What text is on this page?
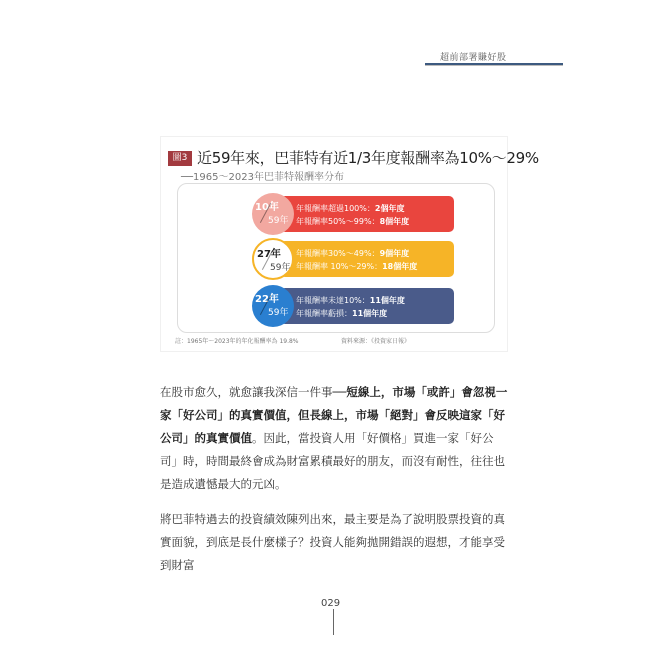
超前部署賺好股
圖3 近59年來，巴菲特有近1/3年度報酬率為10%～29%
──1965～2023年巴菲特報酬率分布
年報酬率超過100%：2個年度
年報酬率50%～99%：8個年度
10年
59年
年報酬率30%～49%：9個年度
年報酬率 10%～29%：18個年度
27年
59年
年報酬率未達10%：11個年度
年報酬率虧損：11個年度
22年
59年
註：1965年～2023年的年化報酬率為 19.8%	資料來源：《投資家日報》
在股市愈久，就愈讓我深信一件事──短線上，市場「或許」會忽視一家「好公司」的真實價值，但長線上，市場「絕對」會反映這家「好公司」的真實價值。因此，當投資人用「好價格」買進一家「好公司」時，時間最終會成為財富累積最好的朋友，而沒有耐性，往往也是造成遺憾最大的元凶。
將巴菲特過去的投資績效陳列出來，最主要是為了說明股票投資的真實面貌，到底是長什麼樣子？投資人能夠拋開錯誤的遐想，才能享受到財富
029
